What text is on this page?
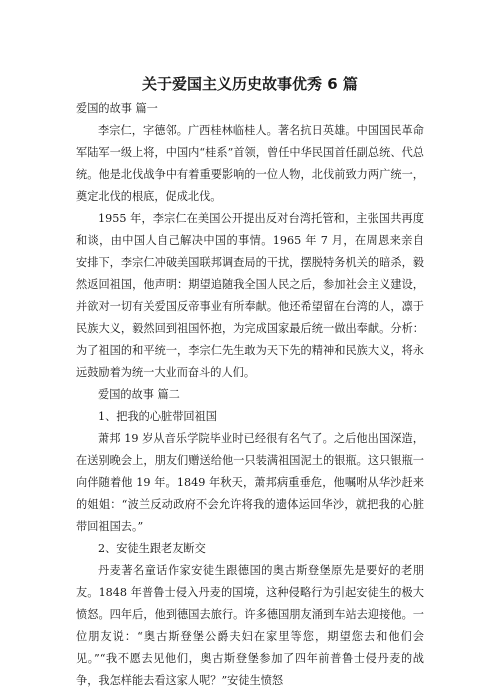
关于爱国主义历史故事优秀 6 篇

爱国的故事 篇一

李宗仁，字德邻。广西桂林临桂人。著名抗日英雄。中国国民革命军陆军一级上将，中国内“桂系”首领，曾任中华民国首任副总统、代总统。他是北伐战争中有着重要影响的一位人物，北伐前致力两广统一，奠定北伐的根底，促成北伐。

1955 年，李宗仁在美国公开提出反对台湾托管和，主张国共再度和谈，由中国人自己解决中国的事情。1965 年 7 月，在周恩来亲自安排下，李宗仁冲破美国联邦调查局的干扰，摆脱特务机关的暗杀，毅然返回祖国，他声明：期望追随我全国人民之后，参加社会主义建设，并欲对一切有关爱国反帝事业有所奉献。他还希望留在台湾的人，凛于民族大义，毅然回到祖国怀抱，为完成国家最后统一做出奉献。分析：为了祖国的和平统一，李宗仁先生敢为天下先的精神和民族大义，将永远鼓励着为统一大业而奋斗的人们。

爱国的故事 篇二

1、把我的心脏带回祖国

萧邦 19 岁从音乐学院毕业时已经很有名气了。之后他出国深造，在送别晚会上，朋友们赠送给他一只装满祖国泥土的银瓶。这只银瓶一向伴随着他 19 年。1849 年秋天，萧邦病重垂危，他嘱咐从华沙赶来的姐姐：“波兰反动政府不会允许将我的遗体运回华沙，就把我的心脏带回祖国去。”

2、安徒生跟老友断交

丹麦著名童话作家安徒生跟德国的奥古斯登堡原先是要好的老朋友。1848 年普鲁士侵入丹麦的国境，这种侵略行为引起安徒生的极大愤怒。四年后，他到德国去旅行。许多德国朋友涌到车站去迎接他。一位朋友说：“奥古斯登堡公爵夫妇在家里等您，期望您去和他们会见。”“我不愿去见他们，奥古斯登堡参加了四年前普鲁士侵丹麦的战争，我怎样能去看这家人呢？”安徒生愤怒
